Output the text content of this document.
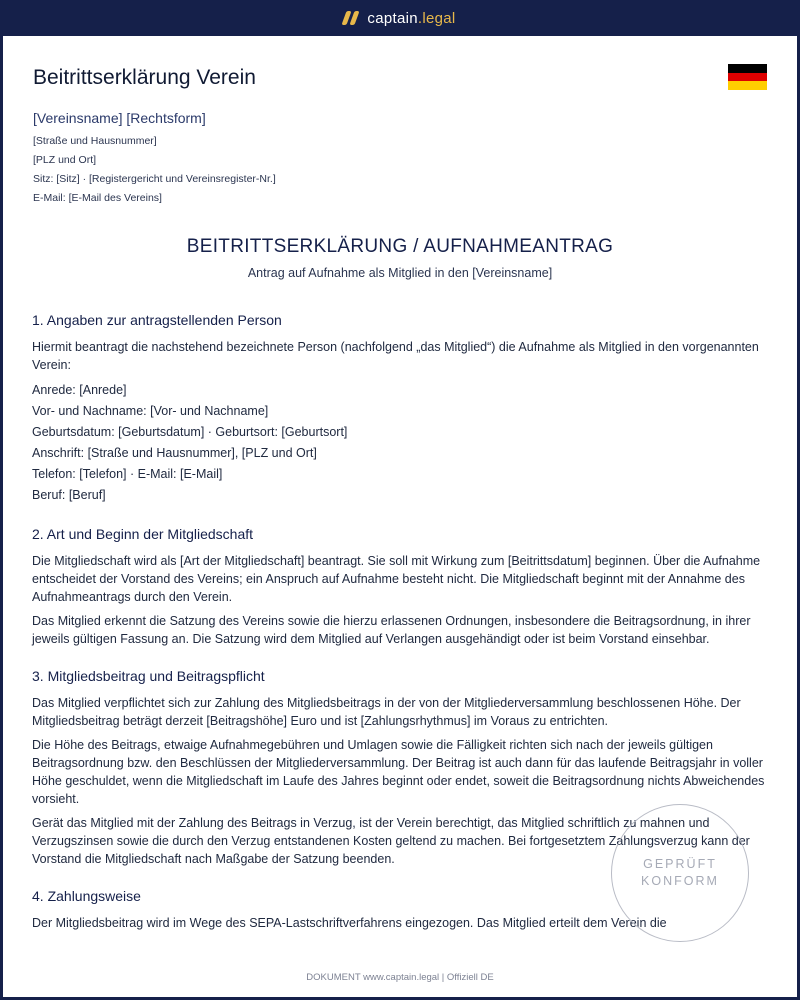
captain.legal
Beitrittserklärung Verein
[Vereinsname] [Rechtsform]
[Straße und Hausnummer]
[PLZ und Ort]
Sitz: [Sitz] · [Registergericht und Vereinsregister-Nr.]
E-Mail: [E-Mail des Vereins]
BEITRITTSERKLÄRUNG / AUFNAHMEANTRAG
Antrag auf Aufnahme als Mitglied in den [Vereinsname]
1. Angaben zur antragstellenden Person

Hiermit beantragt die nachstehend bezeichnete Person (nachfolgend „das Mitglied“) die Aufnahme als Mitglied in den vorgenannten Verein:

Anrede: [Anrede]

Vor- und Nachname: [Vor- und Nachname]

Geburtsdatum: [Geburtsdatum] · Geburtsort: [Geburtsort]

Anschrift: [Straße und Hausnummer], [PLZ und Ort]

Telefon: [Telefon] · E-Mail: [E-Mail]

Beruf: [Beruf]

2. Art und Beginn der Mitgliedschaft

Die Mitgliedschaft wird als [Art der Mitgliedschaft] beantragt. Sie soll mit Wirkung zum [Beitrittsdatum] beginnen. Über die Aufnahme entscheidet der Vorstand des Vereins; ein Anspruch auf Aufnahme besteht nicht. Die Mitgliedschaft beginnt mit der Annahme des Aufnahmeantrags durch den Verein.

Das Mitglied erkennt die Satzung des Vereins sowie die hierzu erlassenen Ordnungen, insbesondere die Beitragsordnung, in ihrer jeweils gültigen Fassung an. Die Satzung wird dem Mitglied auf Verlangen ausgehändigt oder ist beim Vorstand einsehbar.

3. Mitgliedsbeitrag und Beitragspflicht

Das Mitglied verpflichtet sich zur Zahlung des Mitgliedsbeitrags in der von der Mitgliederversammlung beschlossenen Höhe. Der Mitgliedsbeitrag beträgt derzeit [Beitragshöhe] Euro und ist [Zahlungsrhythmus] im Voraus zu entrichten.

Die Höhe des Beitrags, etwaige Aufnahmegebühren und Umlagen sowie die Fälligkeit richten sich nach der jeweils gültigen Beitragsordnung bzw. den Beschlüssen der Mitgliederversammlung. Der Beitrag ist auch dann für das laufende Beitragsjahr in voller Höhe geschuldet, wenn die Mitgliedschaft im Laufe des Jahres beginnt oder endet, soweit die Beitragsordnung nichts Abweichendes vorsieht.

Gerät das Mitglied mit der Zahlung des Beitrags in Verzug, ist der Verein berechtigt, das Mitglied schriftlich zu mahnen und Verzugszinsen sowie die durch den Verzug entstandenen Kosten geltend zu machen. Bei fortgesetztem Zahlungsverzug kann der Vorstand die Mitgliedschaft nach Maßgabe der Satzung beenden.

4. Zahlungsweise

Der Mitgliedsbeitrag wird im Wege des SEPA-Lastschriftverfahrens eingezogen. Das Mitglied erteilt dem Verein die

GEPRÜFT
KONFORM
DOKUMENT www.captain.legal | Offiziell DE
